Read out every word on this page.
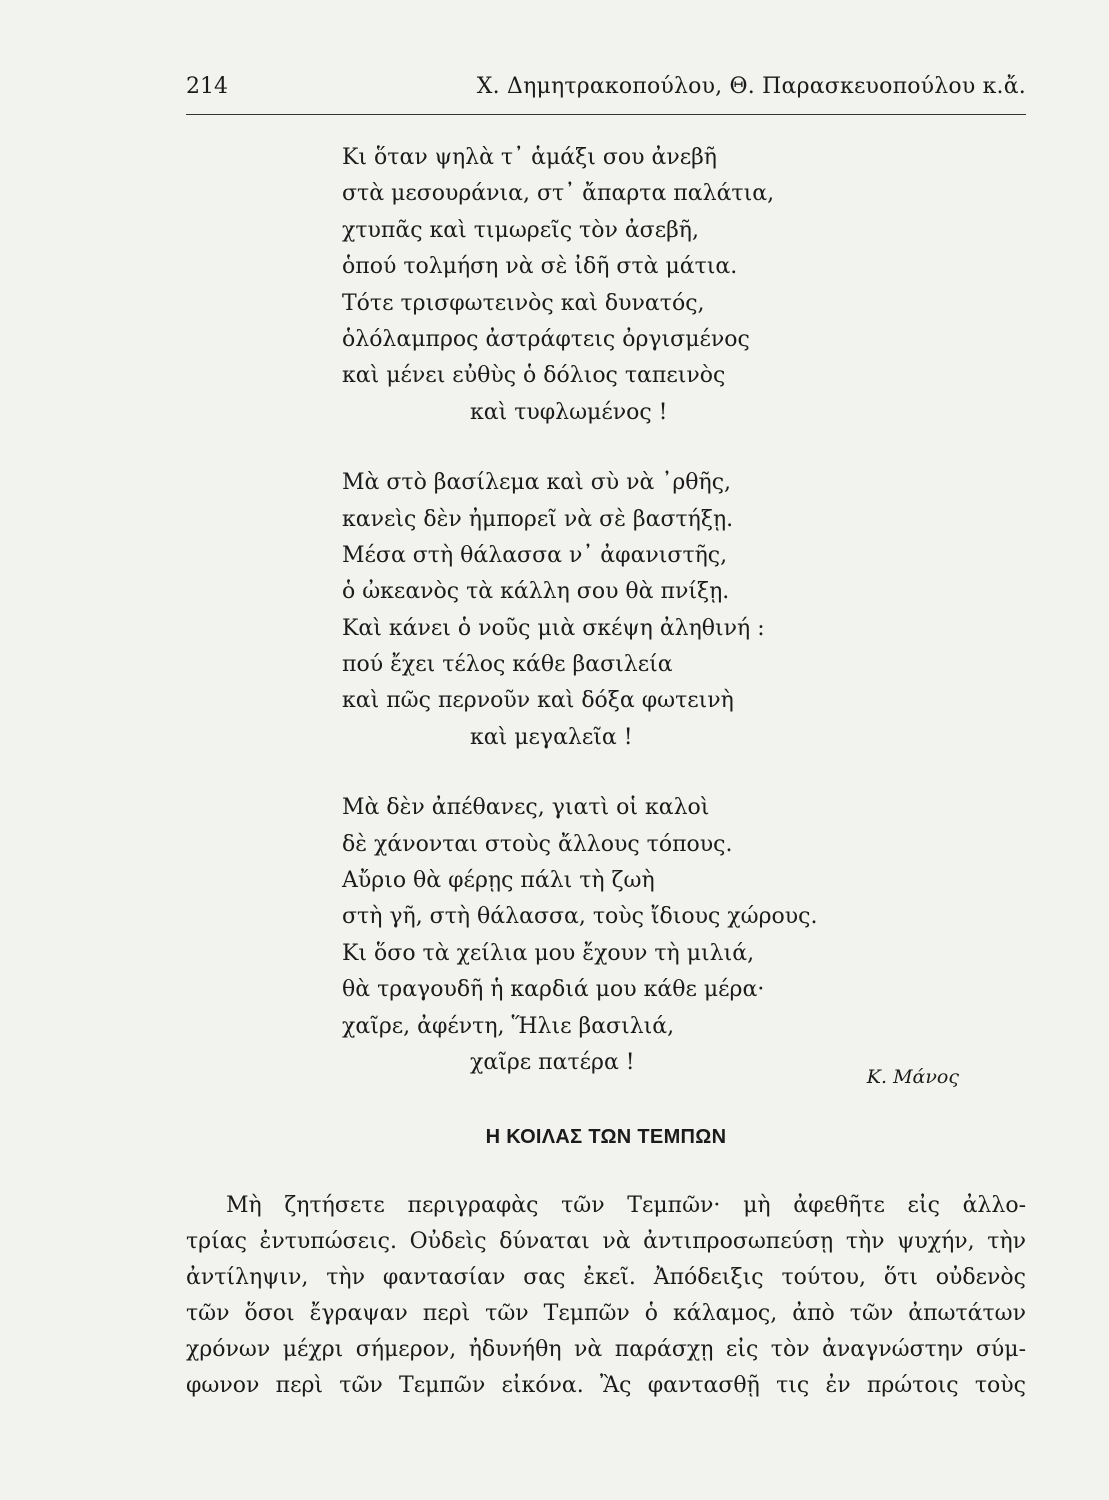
214	Χ. Δημητρακοπούλου, Θ. Παρασκευοπούλου κ.ἄ.
Κι ὅταν ψηλὰ τ᾽ ἁμάξι σου ἀνεβῆ
στὰ μεσουράνια, στ᾽ ἄπαρτα παλάτια,
χτυπᾶς καὶ τιμωρεῖς τὸν ἀσεβῆ,
ὁπού τολμήση νὰ σὲ ἰδῆ στὰ μάτια.
Τότε τρισφωτεινὸς καὶ δυνατός,
ὁλόλαμπρος ἀστράφτεις ὀργισμένος
καὶ μένει εὐθὺς ὁ δόλιος ταπεινὸς
καὶ τυφλωμένος !
Μὰ στὸ βασίλεμα καὶ σὺ νὰ ᾽ρθῆς,
κανεὶς δὲν ἠμπορεῖ νὰ σὲ βαστήξῃ.
Μέσα στὴ θάλασσα ν᾽ ἀφανιστῆς,
ὁ ὠκεανὸς τὰ κάλλη σου θὰ πνίξῃ.
Καὶ κάνει ὁ νοῦς μιὰ σκέψη ἀληθινή :
πού ἔχει τέλος κάθε βασιλεία
καὶ πῶς περνοῦν καὶ δόξα φωτεινὴ
καὶ μεγαλεῖα !
Μὰ δὲν ἀπέθανες, γιατὶ οἱ καλοὶ
δὲ χάνονται στοὺς ἄλλους τόπους.
Αὔριο θὰ φέρῃς πάλι τὴ ζωὴ
στὴ γῆ, στὴ θάλασσα, τοὺς ἴδιους χώρους.
Κι ὅσο τὰ χείλια μου ἔχουν τὴ μιλιά,
θὰ τραγουδῆ ἡ καρδιά μου κάθε μέρα·
χαῖρε, ἀφέντη, Ἥλιε βασιλιά,
χαῖρε πατέρα !
Κ. Μάνος
Η ΚΟΙΛΑΣ ΤΩΝ ΤΕΜΠΩΝ
Μὴ ζητήσετε περιγραφὰς τῶν Τεμπῶν· μὴ ἀφεθῆτε εἰς ἀλλο-
τρίας ἐντυπώσεις. Οὐδεὶς δύναται νὰ ἀντιπροσωπεύσῃ τὴν ψυχήν, τὴν
ἀντίληψιν, τὴν φαντασίαν σας ἐκεῖ. Ἀπόδειξις τούτου, ὅτι οὐδενὸς
τῶν ὅσοι ἔγραψαν περὶ τῶν Τεμπῶν ὁ κάλαμος, ἀπὸ τῶν ἀπωτάτων
χρόνων μέχρι σήμερον, ἠδυνήθη νὰ παράσχῃ εἰς τὸν ἀναγνώστην σύμ-
φωνον περὶ τῶν Τεμπῶν εἰκόνα. Ἂς φαντασθῇ τις ἐν πρώτοις τοὺς
